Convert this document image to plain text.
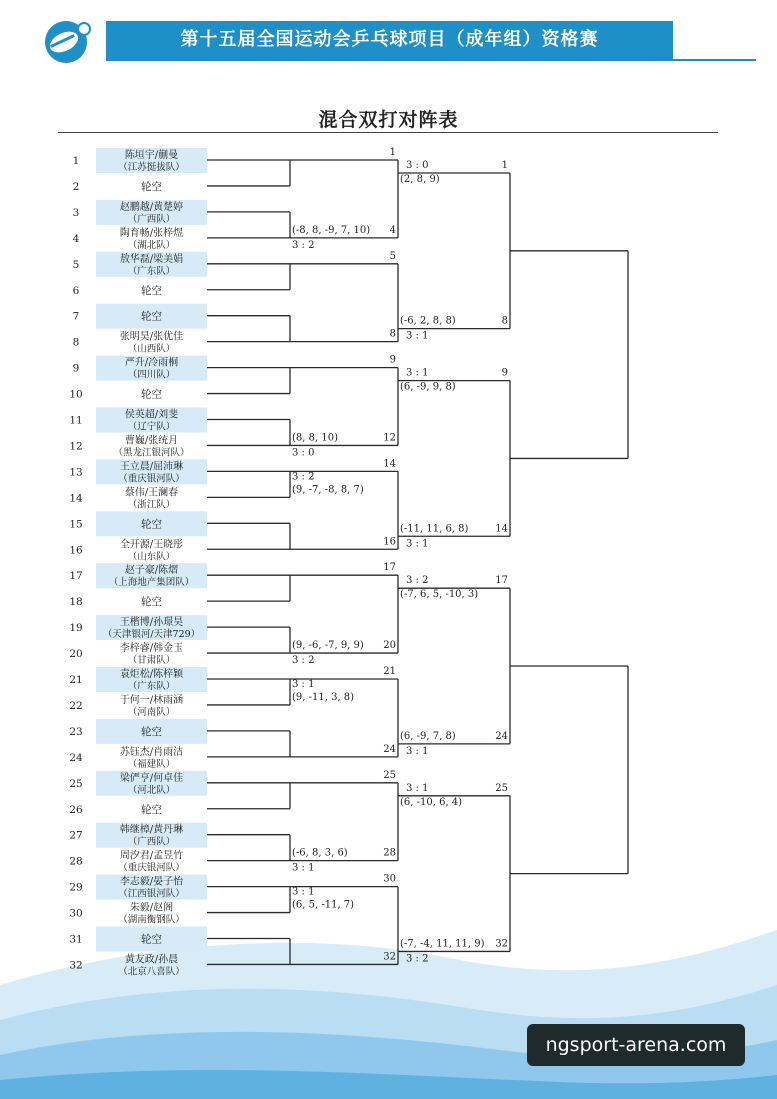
第十五届全国运动会乒乓球项目（成年组）资格赛
混合双打对阵表
1	陈垣宇/蒯曼
（江苏挺拔队）
2	轮空
3	赵鹏越/黄楚婷
（广西队）
4	陶育畅/张梓煜
（湖北队）
5	敖华磊/梁美娟
（广东队）
6	轮空
7	轮空
8	张明昊/张优佳
（山西队）
9	严升/冷雨桐
（四川队）
10	轮空
11	侯英超/刘斐
（辽宁队）
12	曹巍/张统月
（黑龙江银河队）
13	王立晨/屈沛琳
（重庆银河队）
14	蔡伟/王澜春
（浙江队）
15	轮空
16	全开源/王晓彤
（山东队）
17	赵子豪/陈熠
（上海地产集团队）
18	轮空
19	王楷博/孙璟昊
（天津银河/天津729）
20	李梓睿/韩金玉
（甘肃队）
21	袁炬松/陈梓颖
（广东队）
22	于何一/林雨涵
（河南队）
23	轮空
24	苏钰杰/肖雨洁
（福建队）
25	梁俨亨/何卓佳
（河北队）
26	轮空
27	韩继樟/黄丹琳
（广西队）
28	周汐君/孟昱竹
（重庆银河队）
29	李志毅/晏子怡
（江西银河队）
30	朱毅/赵阁
（湖南衡钢队）
31	轮空
32	黄友政/孙晨
（北京八喜队）
1
4
(-8, 8, -9, 7, 10)
3 : 2
5
8
9
12
(8, 8, 10)
3 : 0
14
3 : 2
(9, -7, -8, 8, 7)
16
17
20
(9, -6, -7, 9, 9)
3 : 2
21
3 : 1
(9, -11, 3, 8)
24
25
28
(-6, 8, 3, 6)
3 : 1
30
3 : 1
(6, 5, -11, 7)
32
1
3 : 0
(2, 8, 9)
8
(-6, 2, 8, 8)
3 : 1
9
3 : 1
(6, -9, 9, 8)
14
(-11, 11, 6, 8)
3 : 1
17
3 : 2
(-7, 6, 5, -10, 3)
24
(6, -9, 7, 8)
3 : 1
25
3 : 1
(6, -10, 6, 4)
32
(-7, -4, 11, 11, 9)
3 : 2
ngsport-arena.com
